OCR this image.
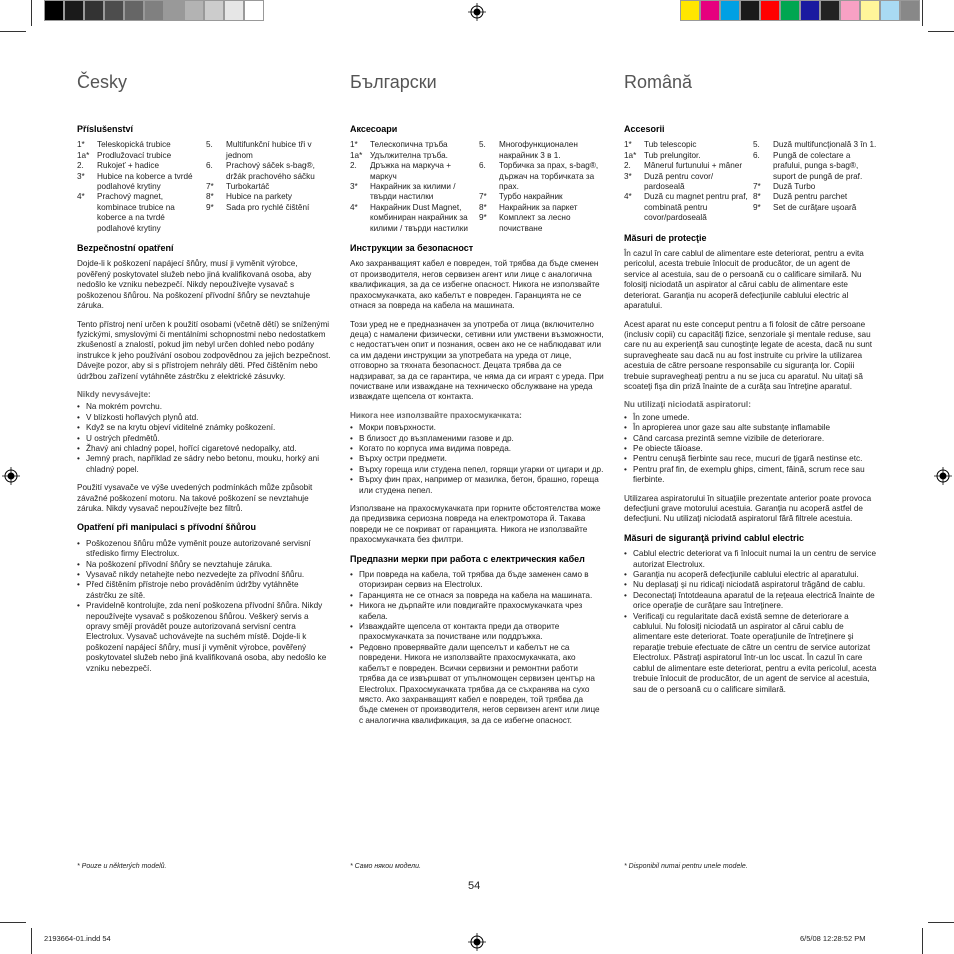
Česky
Příslušenství
1*	Teleskopická trubice
1a* Prodlužovací trubice
2.	Rukojeť + hadice
3*	Hubice na koberce a tvrdé podlahové krytiny
4*	Prachový magnet, kombinace trubice na koberce a na tvrdé podlahové krytiny
5.	Multifunkční hubice tři v jednom
6.	Prachový sáček s-bag®, držák prachového sáčku
7*	Turbokartáč
8*	Hubice na parkety
9*	Sada pro rychlé čištění
Bezpečnostní opatření

Dojde-li k poškození napájecí šňůry, musí ji vyměnit výrobce, pověřený poskytovatel služeb nebo jiná kvalifikovaná osoba, aby nedošlo ke vzniku nebezpečí. Nikdy nepoužívejte vysavač s poškozenou šňůrou. Na poškození přívodní šňůry se nevztahuje záruka.

Tento přístroj není určen k použití osobami (včetně dětí) se sníženými fyzickými, smyslovými či mentálními schopnostmi nebo nedostatkem zkušeností a znalostí, pokud jim nebyl určen dohled nebo podány instrukce k jeho používání osobou zodpovědnou za jejich bezpečnost. Dávejte pozor, aby si s přístrojem nehrály děti. Před čištěním nebo údržbou zařízení vytáhněte zástrčku z elektrické zásuvky.

Nikdy nevysávejte:
• Na mokrém povrchu.
• V blízkosti hořlavých plynů atd.
• Když se na krytu objeví viditelné známky poškození.
• U ostrých předmětů.
• Žhavý ani chladný popel, hořící cigaretové nedopalky, atd.
• Jemný prach, například ze sádry nebo betonu, mouku, horký ani chladný popel.

Použití vysavače ve výše uvedených podmínkách může způsobit závažné poškození motoru. Na takové poškození se nevztahuje záruka. Nikdy vysavač nepoužívejte bez filtrů.

Opatření při manipulaci s přívodní šňůrou
• Poškozenou šňůru může vyměnit pouze autorizované servisní středisko firmy Electrolux.
• Na poškození přívodní šňůry se nevztahuje záruka.
• Vysavač nikdy netahejte nebo nezvedejte za přívodní šňůru.
• Před čištěním přístroje nebo prováděním údržby vytáhněte zástrčku ze sítě.
• Pravidelně kontrolujte, zda není poškozena přívodní šňůra. Nikdy nepoužívejte vysavač s poškozenou šňůrou. Veškerý servis a opravy smějí provádět pouze autorizovaná servisní centra Electrolux. Vysavač uchovávejte na suchém místě. Dojde-li k poškození napájecí šňůry, musí ji vyměnit výrobce, pověřený poskytovatel služeb nebo jiná kvalifikovaná osoba, aby nedošlo ke vzniku nebezpečí.
Български
Аксесоари
1*	Телескопична тръба
1a* Удължителна тръба.
2.	Дръжка на маркуча + маркуч
3*	Накрайник за килими / твърди настилки
4*	Накрайник Dust Magnet, комбиниран накрайник за килими / твърди настилки
5.	Многофункционален накрайник 3 в 1.
6.	Торбичка за прах, s-bag®, държач на торбичката за прах.
7*	Турбо накрайник
8*	Накрайник за паркет
9*	Комплект за лесно почистване
Инструкции за безопасност

Ако захранващият кабел е повреден, той трябва да бъде сменен от производителя, негов сервизен агент или лице с аналогична квалификация, за да се избегне опасност. Никога не използвайте прахосмукачката, ако кабелът е повреден. Гаранцията не се отнася за повреда на кабела на машината.

Този уред не е предназначен за употреба от лица (включително деца) с намалени физически, сетивни или умствени възможности, с недостатъчен опит и познания, освен ако не се наблюдават или са им дадени инструкции за употребата на уреда от лице, отговорно за тяхната безопасност. Децата трябва да се надзирават, за да се гарантира, че няма да си играят с уреда. При почистване или изваждане на техническо обслужване на уреда изваждате щепсела от контакта.

Никога нее използвайте прахосмукачката:
• Мокри повърхности.
• В близост до възпламеними газове и др.
• Когато по корпуса има видима повреда.
• Върху остри предмети.
• Върху гореща или студена пепел, горящи угарки от цигари и др.
• Върху фин прах, например от мазилка, бетон, брашно, гореща или студена пепел.

Използване на прахосмукачката при горните обстоятелства може да предизвика сериозна повреда на електромотора й. Такава повреди не се покриват от гаранцията. Никога не използвайте прахосмукачката без филтри.

Предпазни мерки при работа с електрическия кабел
• При повреда на кабела, той трябва да бъде заменен само в оторизиран сервиз на Electrolux.
• Гаранцията не се отнася за повреда на кабела на машината.
• Никога не дърпайте или повдигайте прахосмукачката чрез кабела.
• Изваждайте щепсела от контакта преди да отворите прахосмукачката за почистване или поддръжка.
• Редовно проверявайте дали щепселът и кабелът не са повредени. Никога не използвайте прахосмукачката, ако кабелът е повреден. Всички сервизни и ремонтни работи трябва да се извършват от упълномощен сервизен център на Electrolux. Прахосмукачката трябва да се съхранява на сухо място. Ако захранващият кабел е повреден, той трябва да бъде сменен от производителя, негов сервизен агент или лице с аналогична квалификация, за да се избегне опасност.
Română
Accesorii
1*	Tub telescopic
1a* Tub prelungitor.
2.	Mânerul furtunului + mâner
3*	Duză pentru covor/ pardoseală
4*	Duză cu magnet pentru praf, combinată pentru covor/pardoseală
5.	Duză multifuncţională 3 în 1.
6.	Pungă de colectare a prafului, punga s-bag®, suport de pungă de praf.
7*	Duză Turbo
8*	Duză pentru parchet
9*	Set de curăţare uşoară
Măsuri de protecţie

În cazul în care cablul de alimentare este deteriorat, pentru a evita pericolul, acesta trebuie înlocuit de producător, de un agent de service al acestuia, sau de o persoană cu o calificare similară. Nu folosiţi niciodată un aspirator al cărui cablu de alimentare este deteriorat. Garanţia nu acoperă defecţiunile cablului electric al aparatului.

Acest aparat nu este conceput pentru a fi folosit de către persoane (inclusiv copii) cu capacităţi fizice, senzoriale şi mentale reduse, sau care nu au experienţă sau cunoştinţe legate de acesta, dacă nu sunt supravegheate sau dacă nu au fost instruite cu privire la utilizarea acestuia de către persoane responsabile cu siguranţa lor. Copiii trebuie supravegheaţi pentru a nu se juca cu aparatul. Nu uitaţi să scoateţi fişa din priză înainte de a curăţa sau întreţine aparatul.

Nu utilizaţi niciodată aspiratorul:
• În zone umede.
• În apropierea unor gaze sau alte substanţe inflamabile
• Când carcasa prezintă semne vizibile de deteriorare.
• Pe obiecte tăioase.
• Pentru cenuşă fierbinte sau rece, mucuri de ţigară nestinse etc.
• Pentru praf fin, de exemplu ghips, ciment, făină, scrum rece sau fierbinte.

Utilizarea aspiratorului în situaţiile prezentate anterior poate provoca defecţiuni grave motorului acestuia. Garanţia nu acoperă astfel de defecţiuni. Nu utilizaţi niciodată aspiratorul fără filtrele acestuia.

Măsuri de siguranţă privind cablul electric
• Cablul electric deteriorat va fi înlocuit numai la un centru de service autorizat Electrolux.
• Garanţia nu acoperă defecţiunile cablului electric al aparatului.
• Nu deplasaţi şi nu ridicaţi niciodată aspiratorul trăgând de cablu.
• Deconectaţi întotdeauna aparatul de la reţeaua electrică înainte de orice operaţie de curăţare sau întreţinere.
• Verificaţi cu regularitate dacă există semne de deteriorare a cablului. Nu folosiţi niciodată un aspirator al cărui cablu de alimentare este deteriorat. Toate operaţiunile de întreţinere şi reparaţie trebuie efectuate de către un centru de service autorizat Electrolux. Păstraţi aspiratorul într-un loc uscat. În cazul în care cablul de alimentare este deteriorat, pentru a evita pericolul, acesta trebuie înlocuit de producător, de un agent de service al acestuia, sau de o persoană cu o calificare similară.
* Pouze u některých modelů.	* Само някои модели.	* Disponibil numai pentru unele modele.
54
2193664-01.indd 54	6/5/08 12:28:52 PM
